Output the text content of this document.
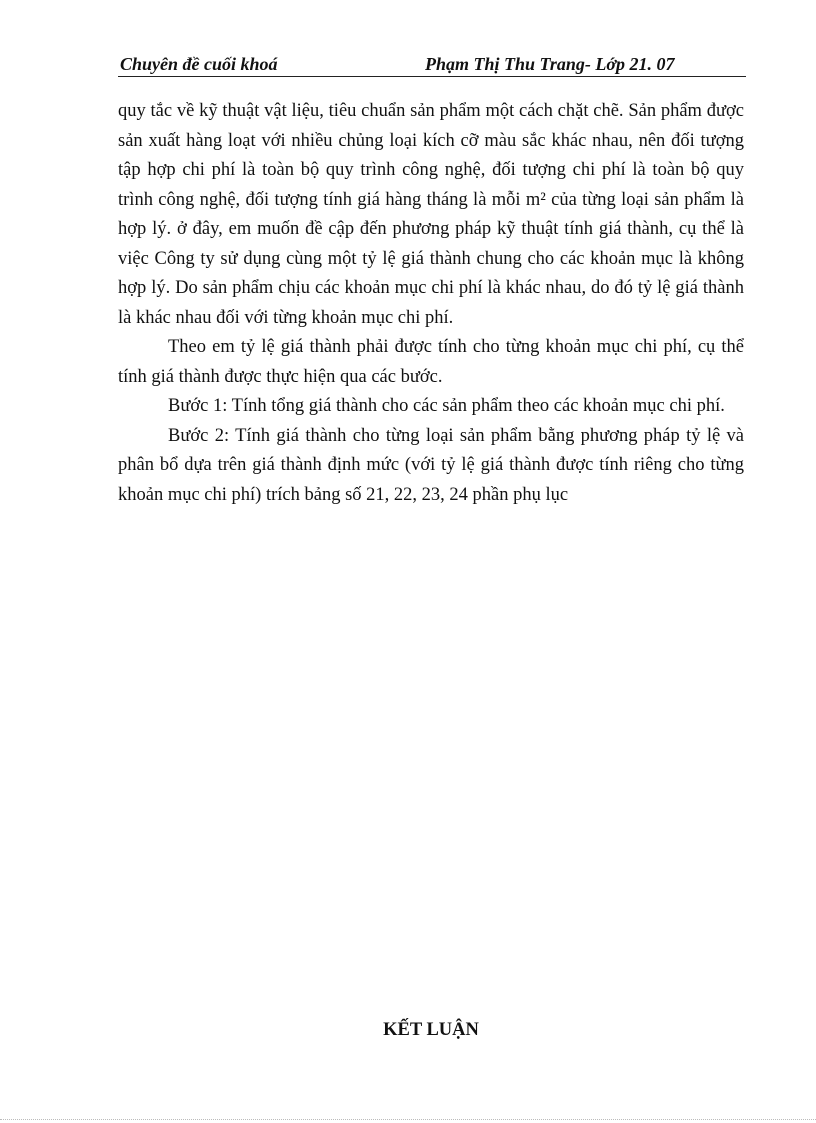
Chuyên đề cuối khoá	Phạm Thị Thu Trang- Lớp 21. 07

quy tắc về kỹ thuật vật liệu, tiêu chuẩn sản phẩm một cách chặt chẽ. Sản phẩm được sản xuất hàng loạt với nhiều chủng loại kích cỡ màu sắc khác nhau, nên đối tượng tập hợp chi phí là toàn bộ quy trình công nghệ, đối tượng chi phí là toàn bộ quy trình công nghệ, đối tượng tính giá hàng tháng là mỗi m² của từng loại sản phẩm là hợp lý. ở đây, em muốn đề cập đến phương pháp kỹ thuật tính giá thành, cụ thể là việc Công ty sử dụng cùng một tỷ lệ giá thành chung cho các khoản mục là không hợp lý. Do sản phẩm chịu các khoản mục chi phí là khác nhau, do đó tỷ lệ giá thành là khác nhau đối với từng khoản mục chi phí.

Theo em tỷ lệ giá thành phải được tính cho từng khoản mục chi phí, cụ thể tính giá thành được thực hiện qua các bước.

Bước 1: Tính tổng giá thành cho các sản phẩm theo các khoản mục chi phí.

Bước 2: Tính giá thành cho từng loại sản phẩm bằng phương pháp tỷ lệ và phân bổ dựa trên giá thành định mức (với tỷ lệ giá thành được tính riêng cho từng khoản mục chi phí) trích bảng số 21, 22, 23, 24 phần phụ lục

KẾT LUẬN
